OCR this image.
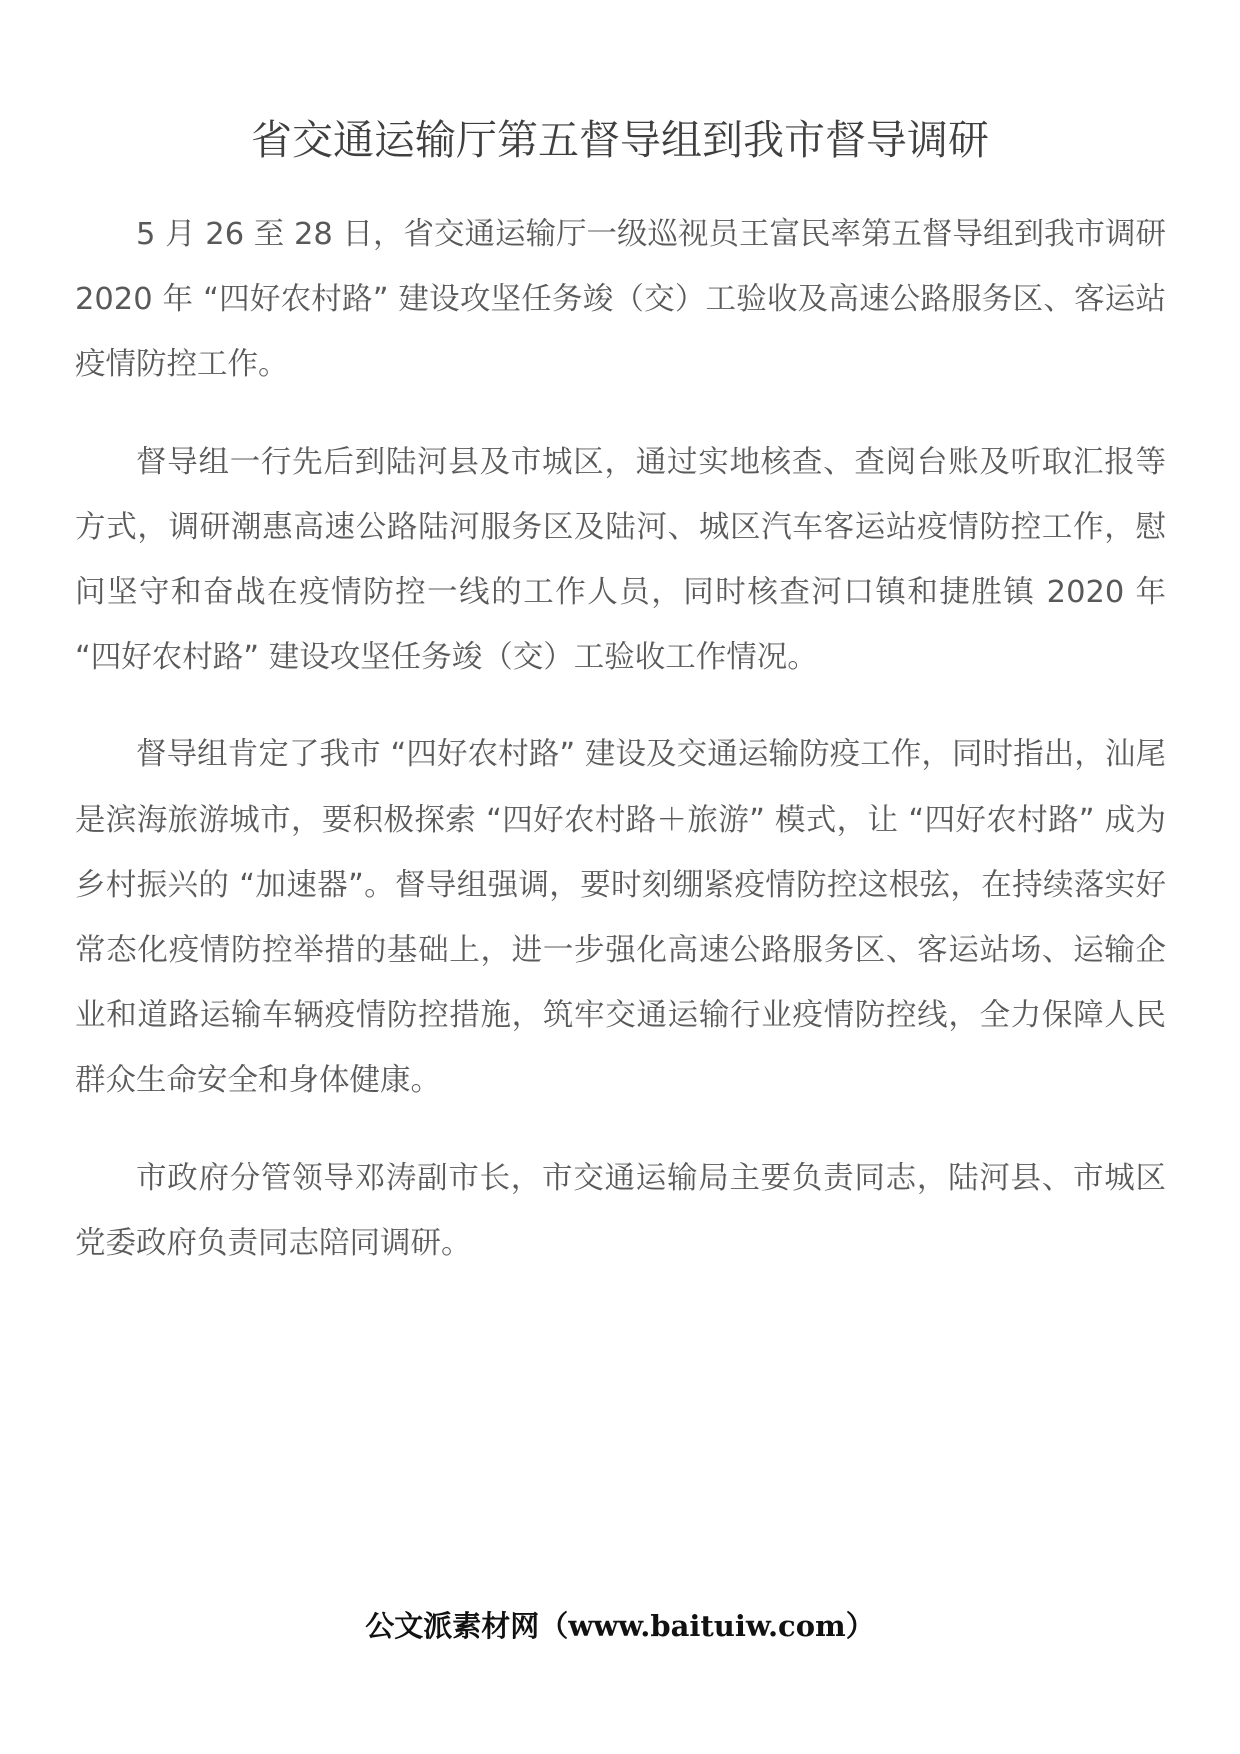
省交通运输厅第五督导组到我市督导调研

5 月 26 至 28 日，省交通运输厅一级巡视员王富民率第五督导组到我市调研 2020 年 “四好农村路” 建设攻坚任务竣（交）工验收及高速公路服务区、客运站疫情防控工作。

督导组一行先后到陆河县及市城区，通过实地核查、查阅台账及听取汇报等方式，调研潮惠高速公路陆河服务区及陆河、城区汽车客运站疫情防控工作，慰问坚守和奋战在疫情防控一线的工作人员，同时核查河口镇和捷胜镇 2020 年 “四好农村路” 建设攻坚任务竣（交）工验收工作情况。

督导组肯定了我市 “四好农村路” 建设及交通运输防疫工作，同时指出，汕尾是滨海旅游城市，要积极探索 “四好农村路＋旅游” 模式，让 “四好农村路” 成为乡村振兴的 “加速器”。督导组强调，要时刻绷紧疫情防控这根弦，在持续落实好常态化疫情防控举措的基础上，进一步强化高速公路服务区、客运站场、运输企业和道路运输车辆疫情防控措施，筑牢交通运输行业疫情防控线，全力保障人民群众生命安全和身体健康。

市政府分管领导邓涛副市长，市交通运输局主要负责同志，陆河县、市城区党委政府负责同志陪同调研。

公文派素材网（www.baituiw.com）
